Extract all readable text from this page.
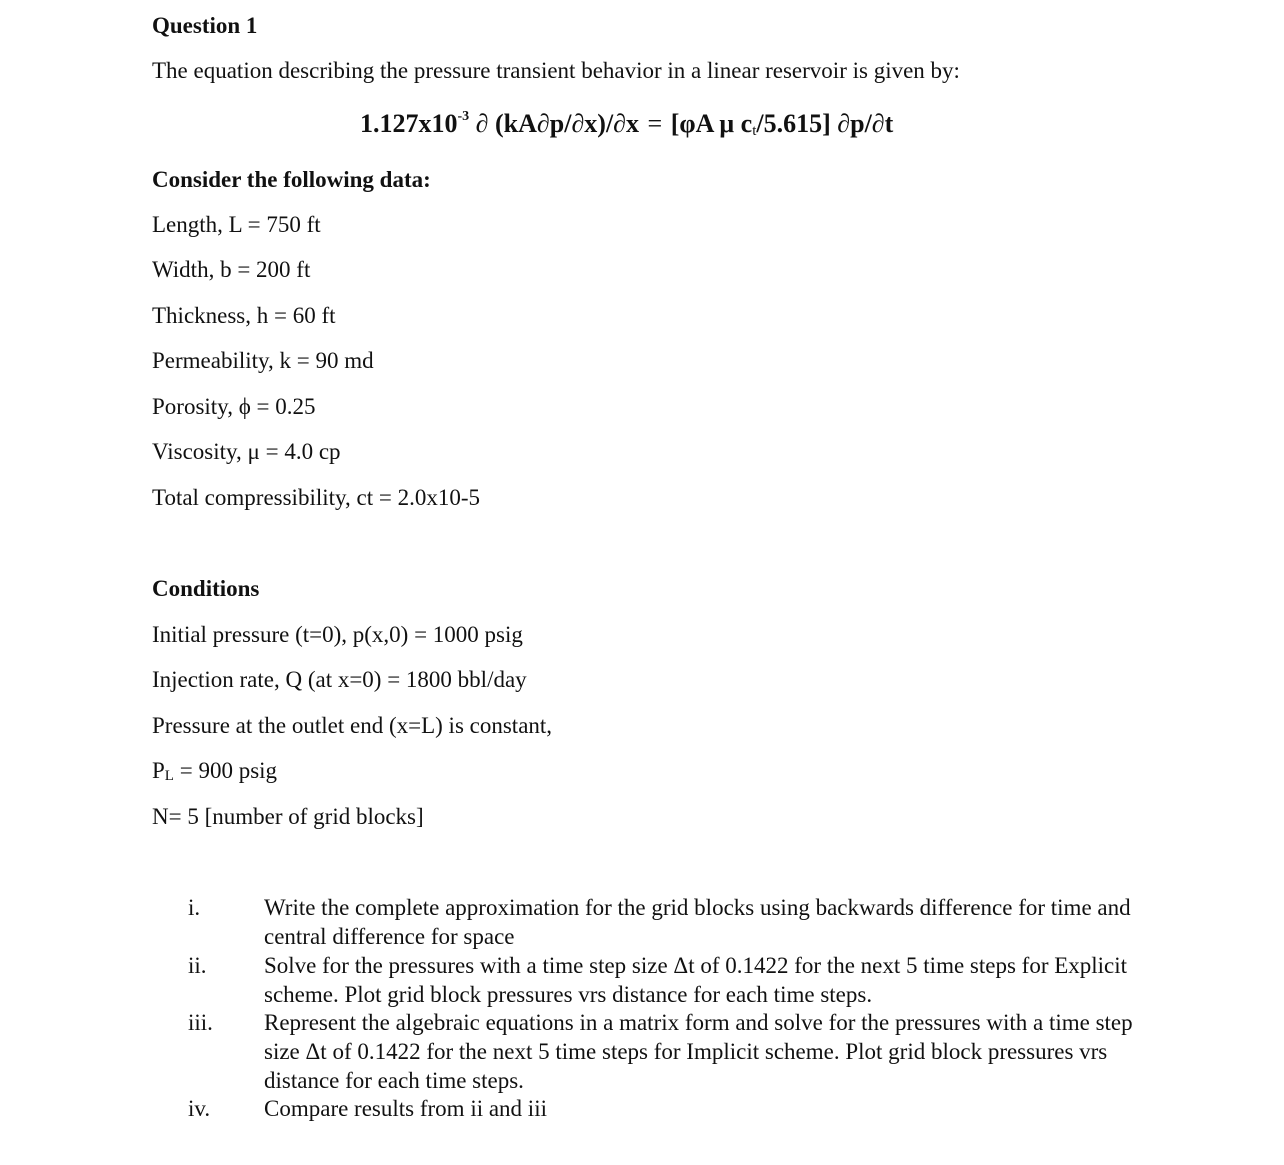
Question 1
The equation describing the pressure transient behavior in a linear reservoir is given by:
$1.127x10^{-3}$ ∂ (kA∂p/∂x)/∂x = [φA μ ct/5.615] ∂p/∂t
Consider the following data:
Length, L = 750 ft
Width, b = 200 ft
Thickness, h = 60 ft
Permeability, k = 90 md
Porosity, ϕ = 0.25
Viscosity, μ = 4.0 cp
Total compressibility, ct = 2.0x10-5
Conditions
Initial pressure (t=0), p(x,0) = 1000 psig
Injection rate, Q (at x=0) = 1800 bbl/day
Pressure at the outlet end (x=L) is constant,
PL = 900 psig
N= 5 [number of grid blocks]
i.	Write the complete approximation for the grid blocks using backwards difference for time and central difference for space
ii. Solve for the pressures with a time step size Δt of 0.1422 for the next 5 time steps for Explicit scheme. Plot grid block pressures vrs distance for each time steps.
iii. Represent the algebraic equations in a matrix form and solve for the pressures with a time step size Δt of 0.1422 for the next 5 time steps for Implicit scheme. Plot grid block pressures vrs distance for each time steps.
iv. Compare results from ii and iii
